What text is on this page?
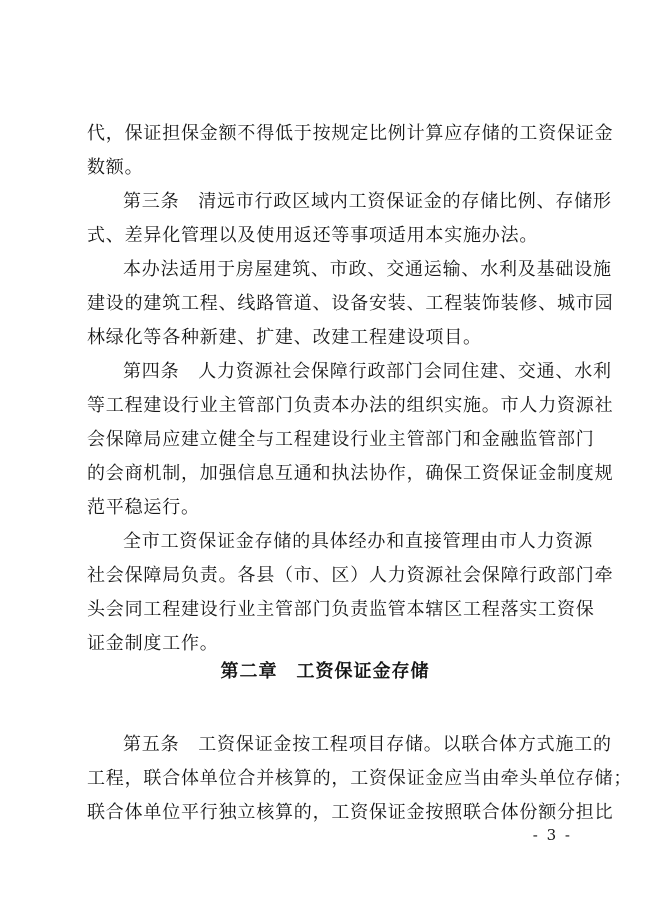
代，保证担保金额不得低于按规定比例计算应存储的工资保证金
数额。
第三条　清远市行政区域内工资保证金的存储比例、存储形
式、差异化管理以及使用返还等事项适用本实施办法。
本办法适用于房屋建筑、市政、交通运输、水利及基础设施
建设的建筑工程、线路管道、设备安装、工程装饰装修、城市园
林绿化等各种新建、扩建、改建工程建设项目。
第四条　人力资源社会保障行政部门会同住建、交通、水利
等工程建设行业主管部门负责本办法的组织实施。市人力资源社
会保障局应建立健全与工程建设行业主管部门和金融监管部门
的会商机制，加强信息互通和执法协作，确保工资保证金制度规
范平稳运行。
全市工资保证金存储的具体经办和直接管理由市人力资源
社会保障局负责。各县（市、区）人力资源社会保障行政部门牵
头会同工程建设行业主管部门负责监管本辖区工程落实工资保
证金制度工作。
第二章　工资保证金存储
第五条　工资保证金按工程项目存储。以联合体方式施工的
工程，联合体单位合并核算的，工资保证金应当由牵头单位存储；
联合体单位平行独立核算的，工资保证金按照联合体份额分担比
- 3 -
